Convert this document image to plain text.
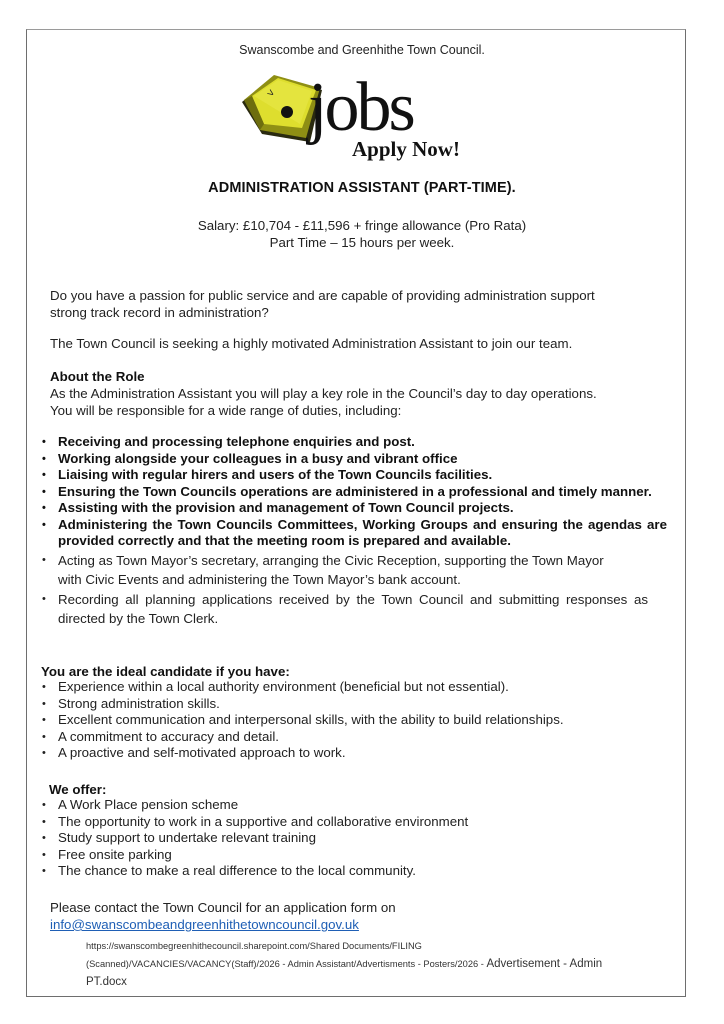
Swanscombe and Greenhithe Town Council.
> jobs
Apply Now!
ADMINISTRATION ASSISTANT (PART-TIME).
Salary: £10,704 - £11,596 + fringe allowance (Pro Rata)
Part Time – 15 hours per week.
Do you have a passion for public service and are capable of providing administration support
strong track record in administration?
The Town Council is seeking a highly motivated Administration Assistant to join our team.
About the Role
As the Administration Assistant you will play a key role in the Council’s day to day operations.
You will be responsible for a wide range of duties, including:
• Receiving and processing telephone enquiries and post.
• Working alongside your colleagues in a busy and vibrant office
• Liaising with regular hirers and users of the Town Councils facilities.
• Ensuring the Town Councils operations are administered in a professional and timely manner.
• Assisting with the provision and management of Town Council projects.
• Administering the Town Councils Committees, Working Groups and ensuring the agendas are provided correctly and that the meeting room is prepared and available.
• Acting as Town Mayor’s secretary, arranging the Civic Reception, supporting the Town Mayor with Civic Events and administering the Town Mayor’s bank account.
• Recording all planning applications received by the Town Council and submitting responses as directed by the Town Clerk.
You are the ideal candidate if you have:
• Experience within a local authority environment (beneficial but not essential).
• Strong administration skills.
• Excellent communication and interpersonal skills, with the ability to build relationships.
• A commitment to accuracy and detail.
• A proactive and self-motivated approach to work.
We offer:
• A Work Place pension scheme
• The opportunity to work in a supportive and collaborative environment
• Study support to undertake relevant training
• Free onsite parking
• The chance to make a real difference to the local community.
Please contact the Town Council for an application form on
info@swanscombeandgreenhithetowncouncil.gov.uk
https://swanscombegreenhithecouncil.sharepoint.com/Shared Documents/FILING
(Scanned)/VACANCIES/VACANCY(Staff)/2026 - Admin Assistant/Advertisments - Posters/2026 - Advertisement - Admin
PT.docx
